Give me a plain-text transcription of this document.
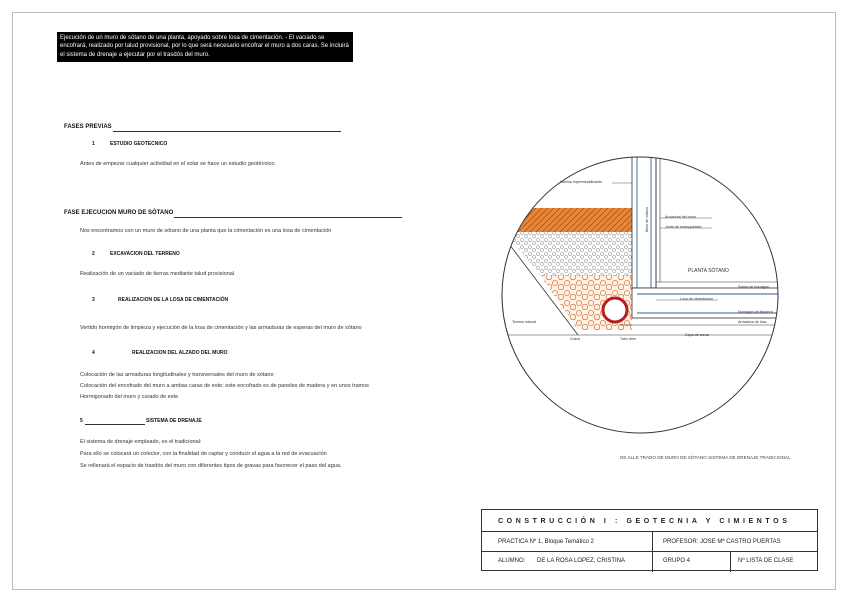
Ejecución de un muro de sótano de una planta, apoyado sobre losa de cimentación. - El vaciado se encofrará, realizado por talud provisional, por lo que será necesario encofrar el muro a dos caras. Se incluirá el sistema de drenaje a ejecutar por el trasdós del muro.
FASES PREVIAS
1	ESTUDIO GEOTECNICO
Antes de empezar cualquier actividad en el solar se hace un estudio geotécnico.
FASE EJECUCION MURO DE SÓTANO
Nos encontramos con un muro de sótano de una planta que la cimentación es una losa de cimentación
2	EXCAVACION DEL TERRENO
Realización de un vaciado de tierras mediante talud provisional.
3	REALIZACION DE LA LOSA DE CIMENTACIÓN
Vertido hormigón de limpieza y ejecución de la losa de cimentación y las armaduras de esperas del muro de sótano
4	REALIZACION DEL ALZADO DEL MURO
Colocación de las armaduras longitudinales y transversales del muro de sótano
Colocación del encofrado del muro a ambas caras de este; este encofrado es de paneles de madera y en unos tramos
Hormigonado del muro y curado de este
5	SISTEMA DE DRENAJE
El sistema de drenaje empleado, es el tradicional:
Para ello se colocará un colector, con la finalidad de captar y conducir el agua a la red de evacuación
Se rellenará el espacio de trasdós del muro con diferentes tipos de gravas para favorecer el paso del agua.
Lámina impermeabilizante
Muro de sótano	Armadura del muro
Junta de estanqueidad
PLANTA SÓTANO
Solera de hormigón
Losa de cimentación
Hormigón de limpieza
Terreno natural
Grava	Tubo dren
Capa de arena
Armadura de losa
DE ALLE TRADO DE MURO DE SÓTANO SISTEMA DE DRENAJE TRADICIONAL
CONSTRUCCIÓN I : GEOTECNIA Y CIMIENTOS
PRACTICA Nº 1, Bloque Temático 2	PROFESOR: JOSE Mª CASTRO PUERTAS
ALUMNO: DE LA ROSA LOPEZ, CRISTINA	GRUPO 4	Nº LISTA DE CLASE
